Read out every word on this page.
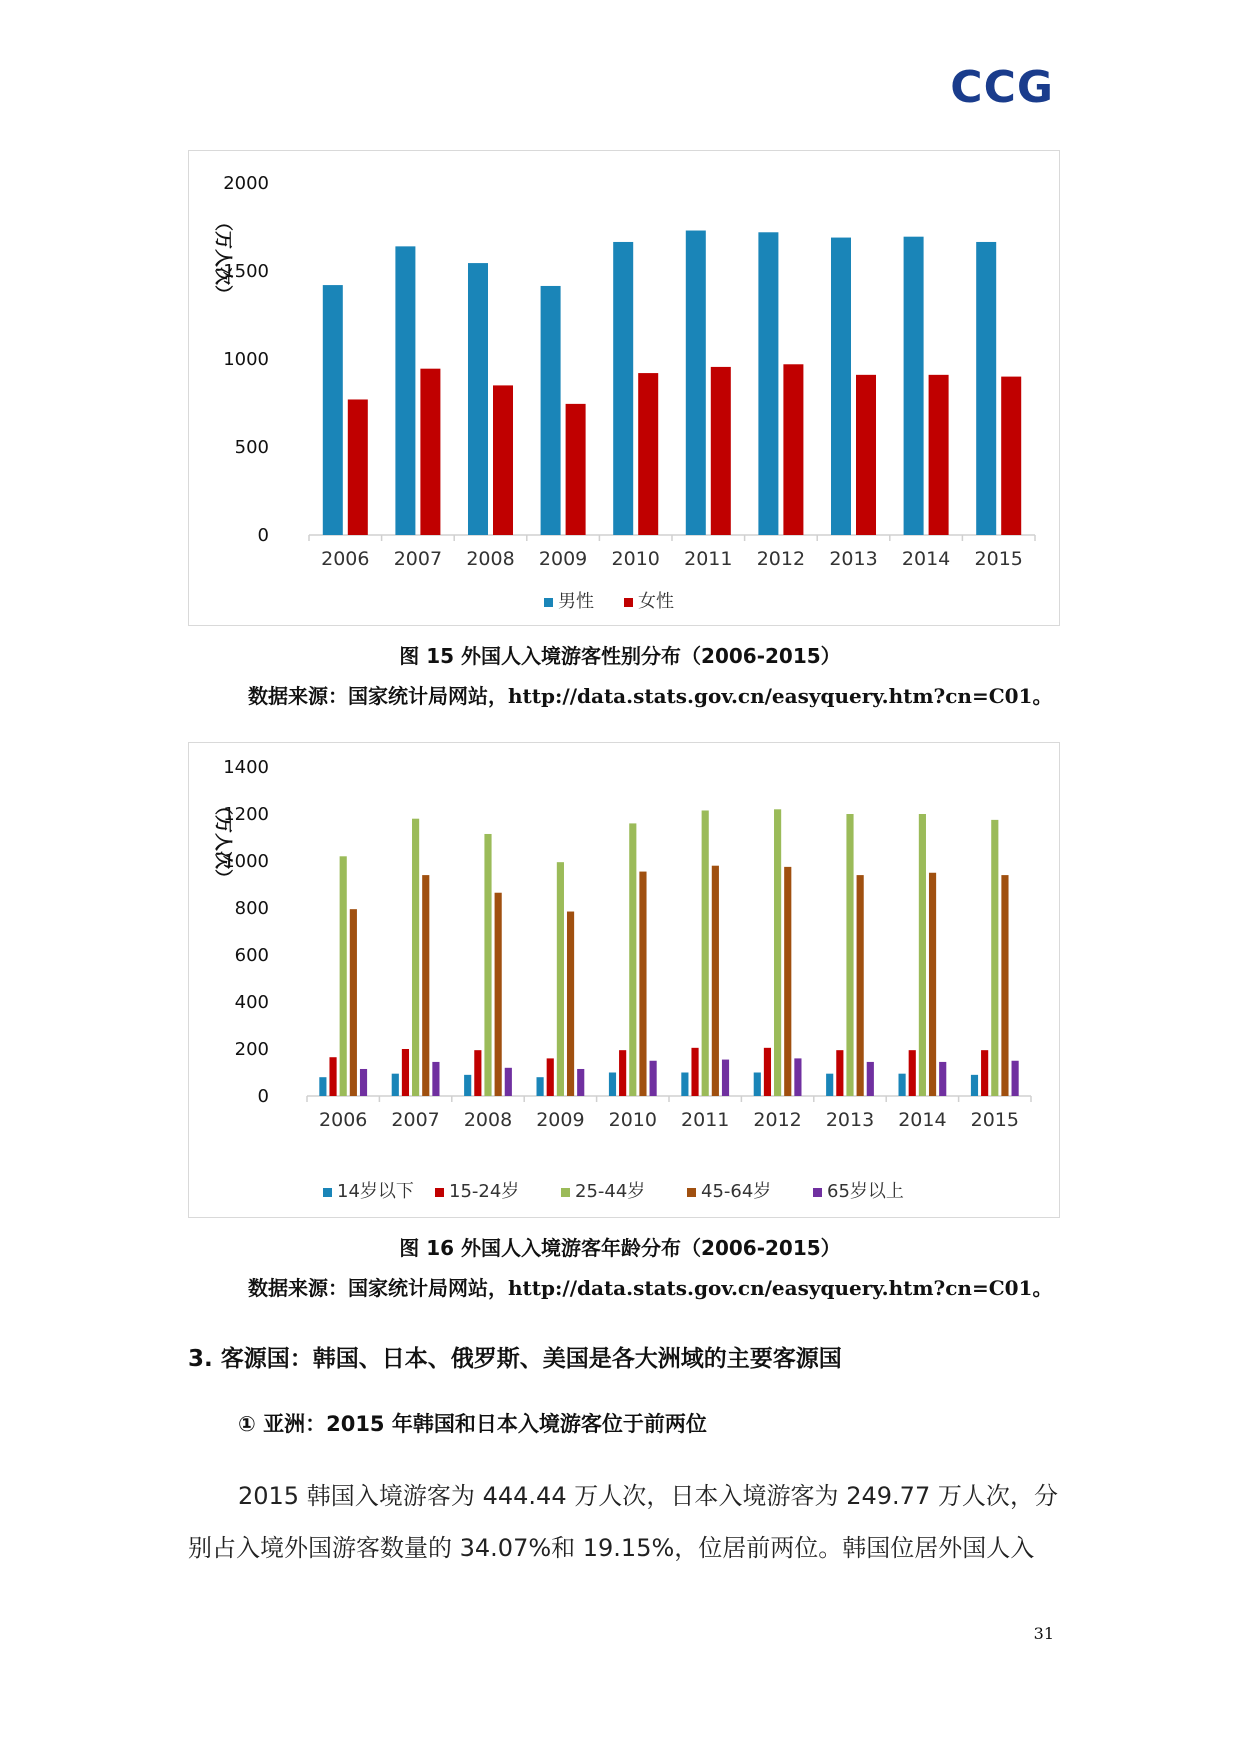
CCG
（万人次）
0
500
1000
1500
2000
2006 2007 2008 2009 2010 2011 2012 2013 2014 2015
男性 女性
图 15 外国人入境游客性别分布（2006-2015）
数据来源：国家统计局网站，http://data.stats.gov.cn/easyquery.htm?cn=C01。
（万人次）
0
200
400
600
800
1000
1200
1400
2006 2007 2008 2009 2010 2011 2012 2013 2014 2015
14岁以下 15-24岁	25-44岁	45-64岁	65岁以上
图 16 外国人入境游客年龄分布（2006-2015）
数据来源：国家统计局网站，http://data.stats.gov.cn/easyquery.htm?cn=C01。
3. 客源国：韩国、日本、俄罗斯、美国是各大洲域的主要客源国
① 亚洲：2015 年韩国和日本入境游客位于前两位

2015 韩国入境游客为 444.44 万人次，日本入境游客为 249.77 万人次，分别占入境外国游客数量的 34.07%和 19.15%，位居前两位。韩国位居外国人入

31
